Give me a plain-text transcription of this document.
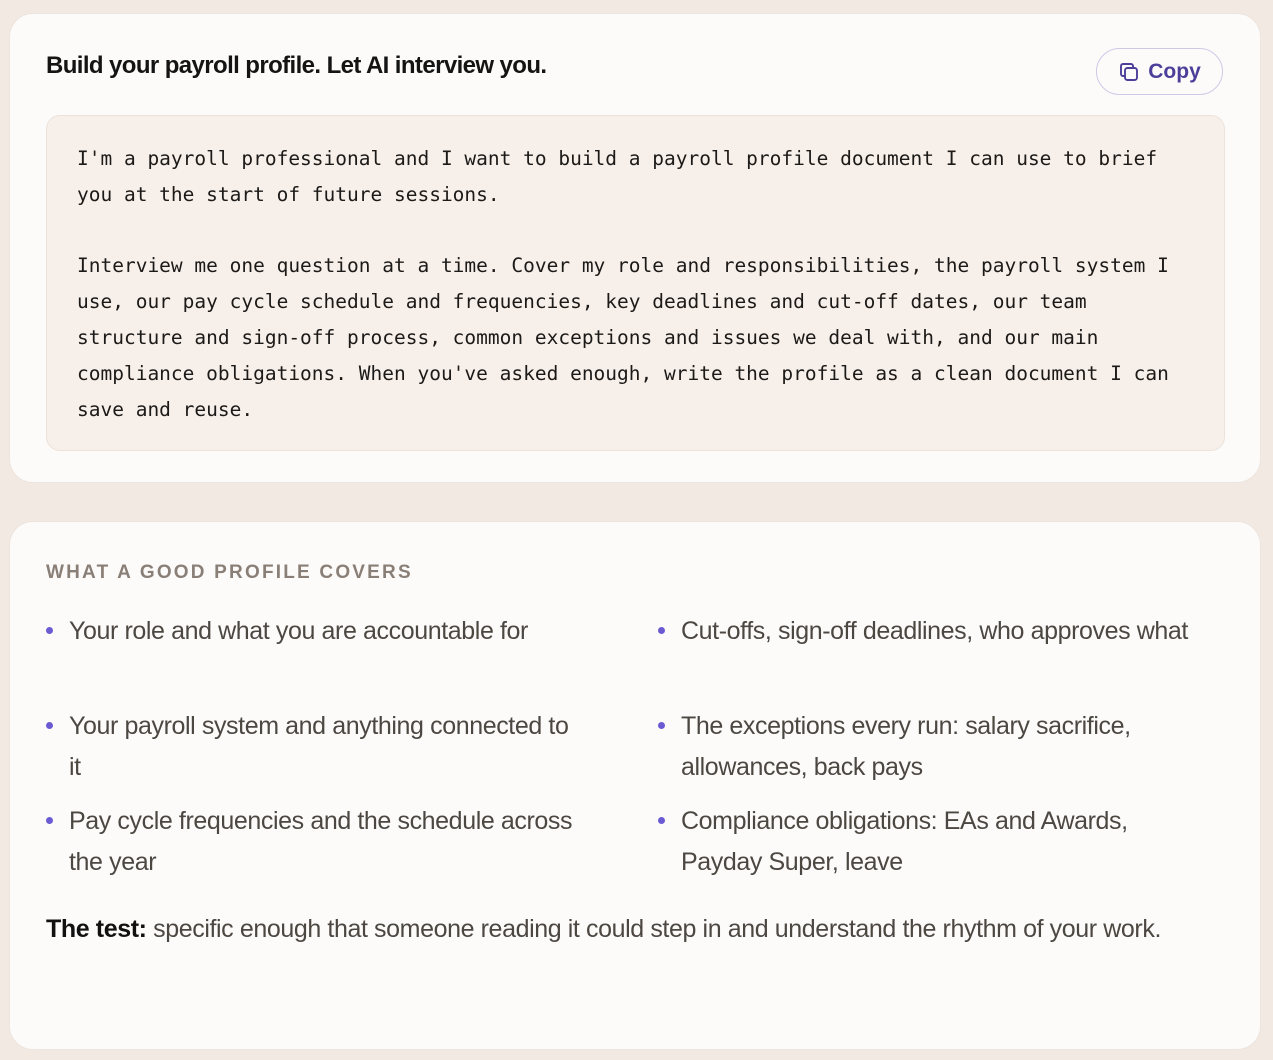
Build your payroll profile. Let AI interview you.	Copy

I'm a payroll professional and I want to build a payroll profile document I can use to brief you at the start of future sessions.

Interview me one question at a time. Cover my role and responsibilities, the payroll system I use, our pay cycle schedule and frequencies, key deadlines and cut-off dates, our team structure and sign-off process, common exceptions and issues we deal with, and our main compliance obligations. When you've asked enough, write the profile as a clean document I can save and reuse.

WHAT A GOOD PROFILE COVERS
Your role and what you are accountable for	Cut-offs, sign-off deadlines, who approves what
Your payroll system and anything connected to it
The exceptions every run: salary sacrifice, allowances, back pays
Pay cycle frequencies and the schedule across the year
Compliance obligations: EAs and Awards, Payday Super, leave

The test: specific enough that someone reading it could step in and understand the rhythm of your work.
